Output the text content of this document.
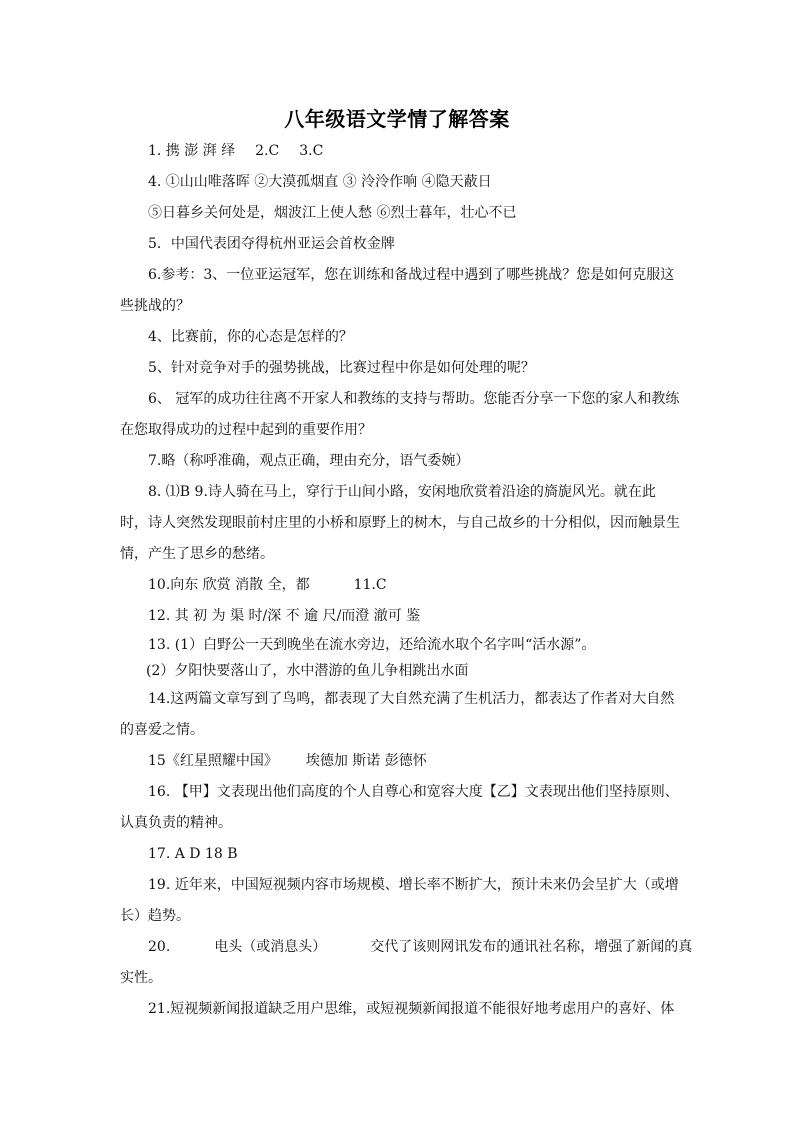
八年级语文学情了解答案

1. 携 澎 湃 绎 2.C 3.C

4. ①山山唯落晖 ②大漠孤烟直 ③ 泠泠作响 ④隐天蔽日

⑤日暮乡关何处是，烟波江上使人愁 ⑥烈士暮年，壮心不已

5．中国代表团夺得杭州亚运会首枚金牌

6.参考：3、一位亚运冠军，您在训练和备战过程中遇到了哪些挑战？您是如何克服这

些挑战的？

4、比赛前，你的心态是怎样的？

5、针对竞争对手的强势挑战，比赛过程中你是如何处理的呢？

6、 冠军的成功往往离不开家人和教练的支持与帮助。您能否分享一下您的家人和教练

在您取得成功的过程中起到的重要作用？

7.略（称呼准确，观点正确，理由充分，语气委婉）

8. ⑴B 9.诗人骑在马上，穿行于山间小路，安闲地欣赏着沿途的旖旎风光。就在此

时，诗人突然发现眼前村庄里的小桥和原野上的树木，与自己故乡的十分相似，因而触景生

情，产生了思乡的愁绪。

10.向东 欣赏 消散 全，都	11.C

12. 其 初 为 渠 时/深 不 逾 尺/而澄 澈可 鉴

13. (1）白野公一天到晚坐在流水旁边，还给流水取个名字叫“活水源”。

(2）夕阳快要落山了，水中潜游的鱼儿争相跳出水面

14.这两篇文章写到了鸟鸣，都表现了大自然充满了生机活力，都表达了作者对大自然

的喜爱之情。

15《红星照耀中国》 埃德加 斯诺 彭德怀

16. 【甲】文表现出他们高度的个人自尊心和宽容大度【乙】文表现出他们坚持原则、

认真负责的精神。

17. A D 18 B

19. 近年来，中国短视频内容市场规模、增长率不断扩大，预计未来仍会呈扩大（或增

长）趋势。

20.	电头（或消息头）	交代了该则网讯发布的通讯社名称，增强了新闻的真

实性。

21.短视频新闻报道缺乏用户思维，或短视频新闻报道不能很好地考虑用户的喜好、体
